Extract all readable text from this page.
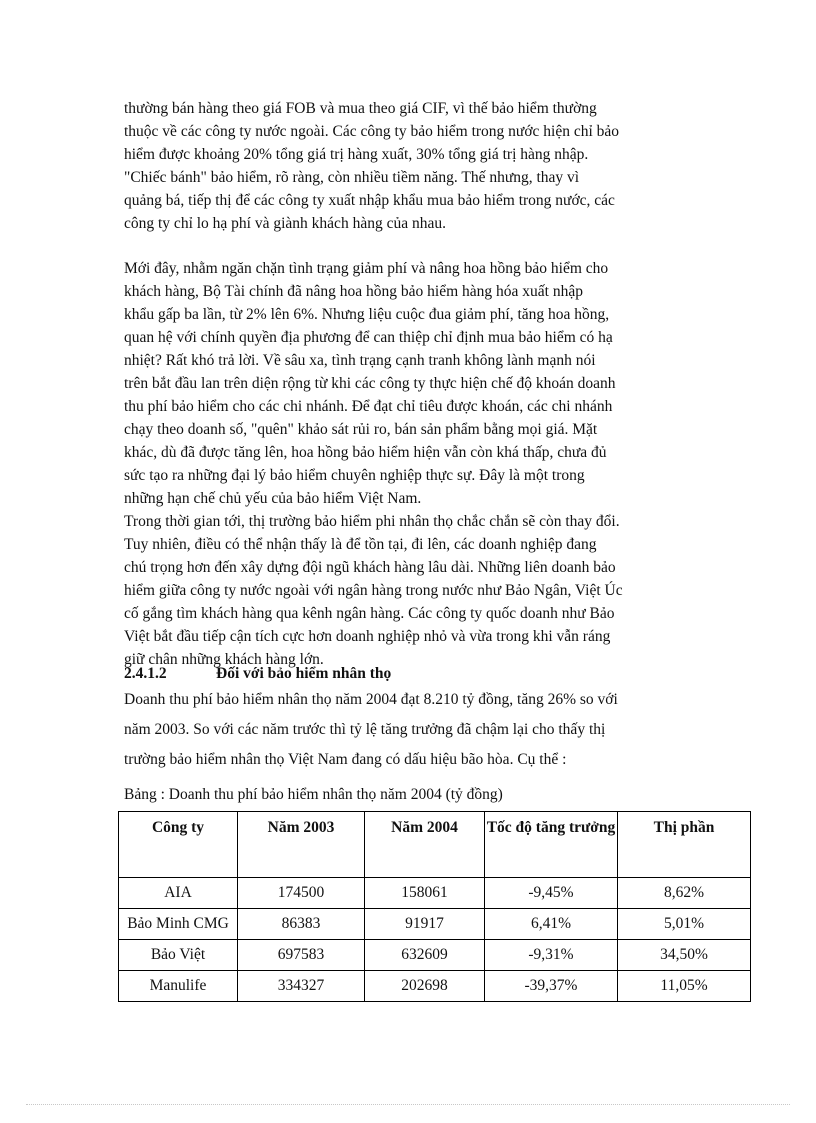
thường bán hàng theo giá FOB và mua theo giá CIF, vì thế bảo hiểm thường
thuộc về các công ty nước ngoài. Các công ty bảo hiểm trong nước hiện chỉ bảo
hiểm được khoảng 20% tổng giá trị hàng xuất, 30% tổng giá trị hàng nhập.
"Chiếc bánh" bảo hiểm, rõ ràng, còn nhiều tiềm năng. Thế nhưng, thay vì
quảng bá, tiếp thị để các công ty xuất nhập khẩu mua bảo hiểm trong nước, các
công ty chỉ lo hạ phí và giành khách hàng của nhau.
Mới đây, nhằm ngăn chặn tình trạng giảm phí và nâng hoa hồng bảo hiểm cho
khách hàng, Bộ Tài chính đã nâng hoa hồng bảo hiểm hàng hóa xuất nhập
khẩu gấp ba lần, từ 2% lên 6%. Nhưng liệu cuộc đua giảm phí, tăng hoa hồng,
quan hệ với chính quyền địa phương để can thiệp chỉ định mua bảo hiểm có hạ
nhiệt? Rất khó trả lời. Về sâu xa, tình trạng cạnh tranh không lành mạnh nói
trên bắt đầu lan trên diện rộng từ khi các công ty thực hiện chế độ khoán doanh
thu phí bảo hiểm cho các chi nhánh. Để đạt chỉ tiêu được khoán, các chi nhánh
chạy theo doanh số, "quên" khảo sát rủi ro, bán sản phẩm bằng mọi giá. Mặt
khác, dù đã được tăng lên, hoa hồng bảo hiểm hiện vẫn còn khá thấp, chưa đủ
sức tạo ra những đại lý bảo hiểm chuyên nghiệp thực sự. Đây là một trong
những hạn chế chủ yếu của bảo hiểm Việt Nam.
Trong thời gian tới, thị trường bảo hiểm phi nhân thọ chắc chắn sẽ còn thay đổi.
Tuy nhiên, điều có thể nhận thấy là để tồn tại, đi lên, các doanh nghiệp đang
chú trọng hơn đến xây dựng đội ngũ khách hàng lâu dài. Những liên doanh bảo
hiểm giữa công ty nước ngoài với ngân hàng trong nước như Bảo Ngân, Việt Úc
cố gắng tìm khách hàng qua kênh ngân hàng. Các công ty quốc doanh như Bảo
Việt bắt đầu tiếp cận tích cực hơn doanh nghiệp nhỏ và vừa trong khi vẫn ráng
giữ chân những khách hàng lớn.
2.4.1.2	Đối với bảo hiểm nhân thọ
Doanh thu phí bảo hiểm nhân thọ năm 2004 đạt 8.210 tỷ đồng, tăng 26% so với
năm 2003. So với các năm trước thì tỷ lệ tăng trưởng đã chậm lại cho thấy thị
trường bảo hiểm nhân thọ Việt Nam đang có dấu hiệu bão hòa. Cụ thể :
Bảng : Doanh thu phí bảo hiểm nhân thọ năm 2004 (tỷ đồng)
Công ty	Năm 2003	Năm 2004	Tốc độ tăng trưởng	Thị phần
AIA	174500	158061	-9,45%	8,62%
Bảo Minh CMG	86383	91917	6,41%	5,01%
Bảo Việt	697583	632609	-9,31%	34,50%
Manulife	334327	202698	-39,37%	11,05%
